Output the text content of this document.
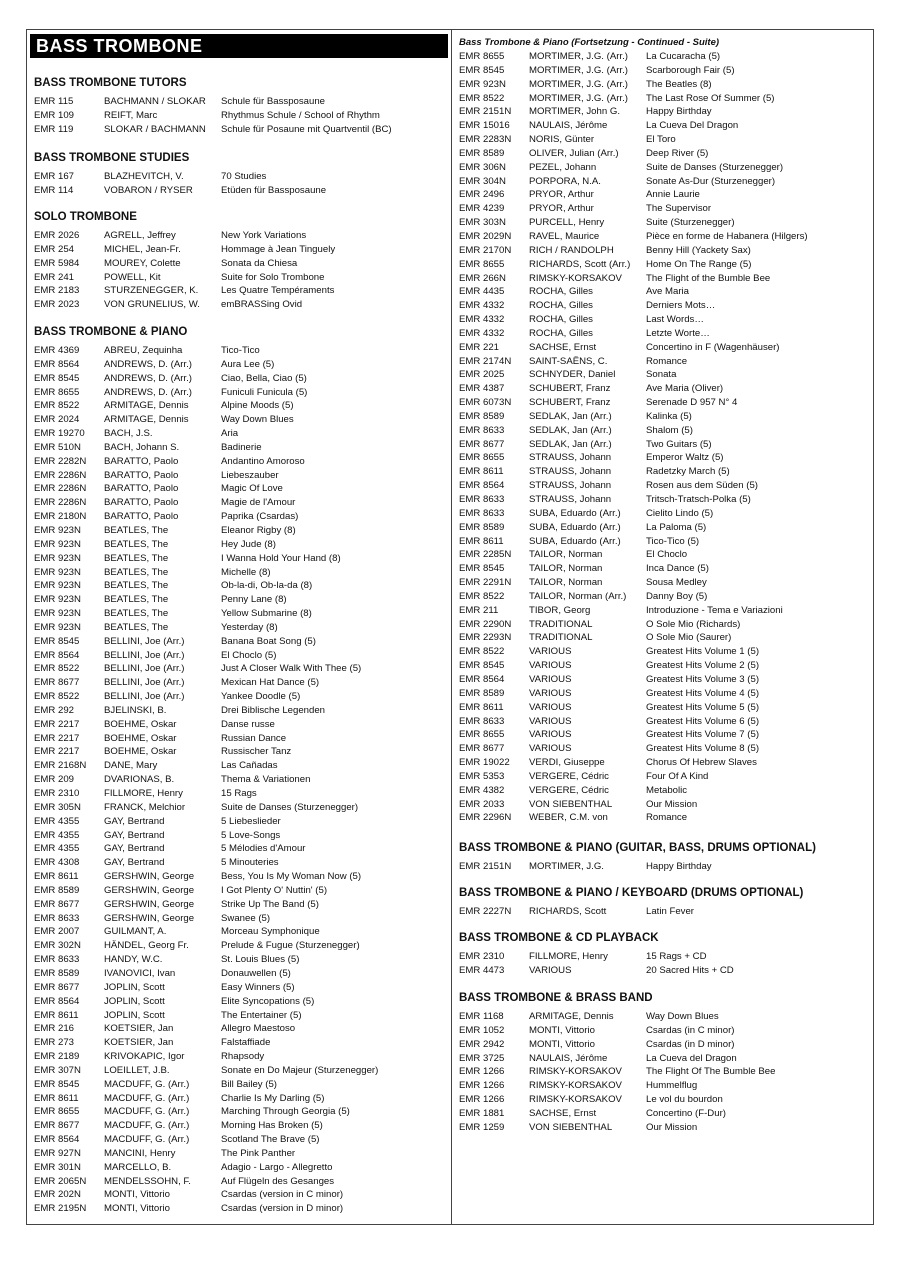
BASS TROMBONE
BASS TROMBONE TUTORS
EMR 115	BACHMANN / SLOKAR	Schule für Bassposaune
EMR 109	REIFT, Marc	Rhythmus Schule / School of Rhythm
EMR 119	SLOKAR / BACHMANN	Schule für Posaune mit Quartventil (BC)
BASS TROMBONE STUDIES
EMR 167	BLAZHEVITCH, V.	70 Studies
EMR 114	VOBARON / RYSER	Etüden für Bassposaune
SOLO TROMBONE
EMR 2026	AGRELL, Jeffrey	New York Variations
EMR 254	MICHEL, Jean-Fr.	Hommage à Jean Tinguely
EMR 5984	MOUREY, Colette	Sonata da Chiesa
EMR 241	POWELL, Kit	Suite for Solo Trombone
EMR 2183	STURZENEGGER, K.	Les Quatre Tempéraments
EMR 2023	VON GRUNELIUS, W.	emBRASSing Ovid
BASS TROMBONE & PIANO
EMR 4369	ABREU, Zequinha	Tico-Tico
EMR 8564	ANDREWS, D. (Arr.)	Aura Lee (5)
EMR 8545	ANDREWS, D. (Arr.)	Ciao, Bella, Ciao (5)
EMR 8655	ANDREWS, D. (Arr.)	Funiculi Funicula (5)
EMR 8522	ARMITAGE, Dennis	Alpine Moods (5)
EMR 2024	ARMITAGE, Dennis	Way Down Blues
EMR 19270	BACH, J.S.	Aria
EMR 510N	BACH, Johann S.	Badinerie
EMR 2282N	BARATTO, Paolo	Andantino Amoroso
EMR 2286N	BARATTO, Paolo	Liebeszauber
EMR 2286N	BARATTO, Paolo	Magic Of Love
EMR 2286N	BARATTO, Paolo	Magie de l'Amour
EMR 2180N	BARATTO, Paolo	Paprika (Csardas)
EMR 923N	BEATLES, The	Eleanor Rigby (8)
EMR 923N	BEATLES, The	Hey Jude (8)
EMR 923N	BEATLES, The	I Wanna Hold Your Hand (8)
EMR 923N	BEATLES, The	Michelle (8)
EMR 923N	BEATLES, The	Ob-la-di, Ob-la-da (8)
EMR 923N	BEATLES, The	Penny Lane (8)
EMR 923N	BEATLES, The	Yellow Submarine (8)
EMR 923N	BEATLES, The	Yesterday (8)
EMR 8545	BELLINI, Joe (Arr.)	Banana Boat Song (5)
EMR 8564	BELLINI, Joe (Arr.)	El Choclo (5)
EMR 8522	BELLINI, Joe (Arr.)	Just A Closer Walk With Thee (5)
EMR 8677	BELLINI, Joe (Arr.)	Mexican Hat Dance (5)
EMR 8522	BELLINI, Joe (Arr.)	Yankee Doodle (5)
EMR 292	BJELINSKI, B.	Drei Biblische Legenden
EMR 2217	BOEHME, Oskar	Danse russe
EMR 2217	BOEHME, Oskar	Russian Dance
EMR 2217	BOEHME, Oskar	Russischer Tanz
EMR 2168N	DANE, Mary	Las Cañadas
EMR 209	DVARIONAS, B.	Thema & Variationen
EMR 2310	FILLMORE, Henry	15 Rags
EMR 305N	FRANCK, Melchior	Suite de Danses (Sturzenegger)
EMR 4355	GAY, Bertrand	5 Liebeslieder
EMR 4355	GAY, Bertrand	5 Love-Songs
EMR 4355	GAY, Bertrand	5 Mélodies d'Amour
EMR 4308	GAY, Bertrand	5 Minouteries
EMR 8611	GERSHWIN, George	Bess, You Is My Woman Now (5)
EMR 8589	GERSHWIN, George	I Got Plenty O' Nuttin' (5)
EMR 8677	GERSHWIN, George	Strike Up The Band (5)
EMR 8633	GERSHWIN, George	Swanee (5)
EMR 2007	GUILMANT, A.	Morceau Symphonique
EMR 302N	HÄNDEL, Georg Fr.	Prelude & Fugue (Sturzenegger)
EMR 8633	HANDY, W.C.	St. Louis Blues (5)
EMR 8589	IVANOVICI, Ivan	Donauwellen (5)
EMR 8677	JOPLIN, Scott	Easy Winners (5)
EMR 8564	JOPLIN, Scott	Elite Syncopations (5)
EMR 8611	JOPLIN, Scott	The Entertainer (5)
EMR 216	KOETSIER, Jan	Allegro Maestoso
EMR 273	KOETSIER, Jan	Falstaffiade
EMR 2189	KRIVOKAPIC, Igor	Rhapsody
EMR 307N	LOEILLET, J.B.	Sonate en Do Majeur (Sturzenegger)
EMR 8545	MACDUFF, G. (Arr.)	Bill Bailey (5)
EMR 8611	MACDUFF, G. (Arr.)	Charlie Is My Darling (5)
EMR 8655	MACDUFF, G. (Arr.)	Marching Through Georgia (5)
EMR 8677	MACDUFF, G. (Arr.)	Morning Has Broken (5)
EMR 8564	MACDUFF, G. (Arr.)	Scotland The Brave (5)
EMR 927N	MANCINI, Henry	The Pink Panther
EMR 301N	MARCELLO, B.	Adagio - Largo - Allegretto
EMR 2065N	MENDELSSOHN, F.	Auf Flügeln des Gesanges
EMR 202N	MONTI, Vittorio	Csardas (version in C minor)
EMR 2195N	MONTI, Vittorio	Csardas (version in D minor)
Bass Trombone & Piano (Fortsetzung - Continued - Suite)
EMR 8655	MORTIMER, J.G. (Arr.)	La Cucaracha (5)
EMR 8545	MORTIMER, J.G. (Arr.)	Scarborough Fair (5)
EMR 923N	MORTIMER, J.G. (Arr.)	The Beatles (8)
EMR 8522	MORTIMER, J.G. (Arr.)	The Last Rose Of Summer (5)
EMR 2151N	MORTIMER, John G.	Happy Birthday
EMR 15016	NAULAIS, Jérôme	La Cueva Del Dragon
EMR 2283N	NORIS, Günter	El Toro
EMR 8589	OLIVER, Julian (Arr.)	Deep River (5)
EMR 306N	PEZEL, Johann	Suite de Danses (Sturzenegger)
EMR 304N	PORPORA, N.A.	Sonate As-Dur (Sturzenegger)
EMR 2496	PRYOR, Arthur	Annie Laurie
EMR 4239	PRYOR, Arthur	The Supervisor
EMR 303N	PURCELL, Henry	Suite (Sturzenegger)
EMR 2029N	RAVEL, Maurice	Pièce en forme de Habanera (Hilgers)
EMR 2170N	RICH / RANDOLPH	Benny Hill (Yackety Sax)
EMR 8655	RICHARDS, Scott (Arr.)	Home On The Range (5)
EMR 266N	RIMSKY-KORSAKOV	The Flight of the Bumble Bee
EMR 4435	ROCHA, Gilles	Ave Maria
EMR 4332	ROCHA, Gilles	Derniers Mots…
EMR 4332	ROCHA, Gilles	Last Words…
EMR 4332	ROCHA, Gilles	Letzte Worte…
EMR 221	SACHSE, Ernst	Concertino in F (Wagenhäuser)
EMR 2174N	SAINT-SAËNS, C.	Romance
EMR 2025	SCHNYDER, Daniel	Sonata
EMR 4387	SCHUBERT, Franz	Ave Maria (Oliver)
EMR 6073N	SCHUBERT, Franz	Serenade D 957 N° 4
EMR 8589	SEDLAK, Jan (Arr.)	Kalinka (5)
EMR 8633	SEDLAK, Jan (Arr.)	Shalom (5)
EMR 8677	SEDLAK, Jan (Arr.)	Two Guitars (5)
EMR 8655	STRAUSS, Johann	Emperor Waltz (5)
EMR 8611	STRAUSS, Johann	Radetzky March (5)
EMR 8564	STRAUSS, Johann	Rosen aus dem Süden (5)
EMR 8633	STRAUSS, Johann	Tritsch-Tratsch-Polka (5)
EMR 8633	SUBA, Eduardo (Arr.)	Cielito Lindo (5)
EMR 8589	SUBA, Eduardo (Arr.)	La Paloma (5)
EMR 8611	SUBA, Eduardo (Arr.)	Tico-Tico (5)
EMR 2285N	TAILOR, Norman	El Choclo
EMR 8545	TAILOR, Norman	Inca Dance (5)
EMR 2291N	TAILOR, Norman	Sousa Medley
EMR 8522	TAILOR, Norman (Arr.)	Danny Boy (5)
EMR 211	TIBOR, Georg	Introduzione - Tema e Variazioni
EMR 2290N	TRADITIONAL	O Sole Mio (Richards)
EMR 2293N	TRADITIONAL	O Sole Mio (Saurer)
EMR 8522	VARIOUS	Greatest Hits Volume 1 (5)
EMR 8545	VARIOUS	Greatest Hits Volume 2 (5)
EMR 8564	VARIOUS	Greatest Hits Volume 3 (5)
EMR 8589	VARIOUS	Greatest Hits Volume 4 (5)
EMR 8611	VARIOUS	Greatest Hits Volume 5 (5)
EMR 8633	VARIOUS	Greatest Hits Volume 6 (5)
EMR 8655	VARIOUS	Greatest Hits Volume 7 (5)
EMR 8677	VARIOUS	Greatest Hits Volume 8 (5)
EMR 19022	VERDI, Giuseppe	Chorus Of Hebrew Slaves
EMR 5353	VERGERE, Cédric	Four Of A Kind
EMR 4382	VERGERE, Cédric	Metabolic
EMR 2033	VON SIEBENTHAL	Our Mission
EMR 2296N	WEBER, C.M. von	Romance
BASS TROMBONE & PIANO (GUITAR, BASS, DRUMS OPTIONAL)
EMR 2151N	MORTIMER, J.G.	Happy Birthday
BASS TROMBONE & PIANO / KEYBOARD (DRUMS OPTIONAL)
EMR 2227N	RICHARDS, Scott	Latin Fever
BASS TROMBONE & CD PLAYBACK
EMR 2310	FILLMORE, Henry	15 Rags + CD
EMR 4473	VARIOUS	20 Sacred Hits + CD
BASS TROMBONE & BRASS BAND
EMR 1168	ARMITAGE, Dennis	Way Down Blues
EMR 1052	MONTI, Vittorio	Csardas (in C minor)
EMR 2942	MONTI, Vittorio	Csardas (in D minor)
EMR 3725	NAULAIS, Jérôme	La Cueva del Dragon
EMR 1266	RIMSKY-KORSAKOV	The Flight Of The Bumble Bee
EMR 1266	RIMSKY-KORSAKOV	Hummelflug
EMR 1266	RIMSKY-KORSAKOV	Le vol du bourdon
EMR 1881	SACHSE, Ernst	Concertino (F-Dur)
EMR 1259	VON SIEBENTHAL	Our Mission
